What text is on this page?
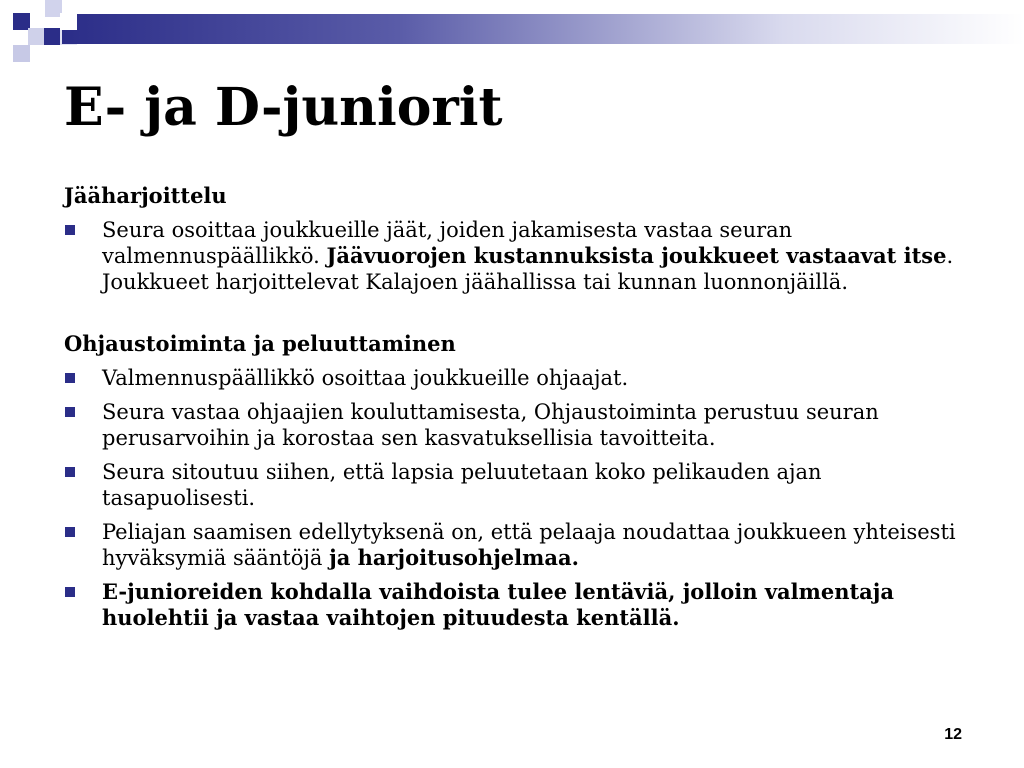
E- ja D-juniorit

Jääharjoittelu

Seura osoittaa joukkueille jäät, joiden jakamisesta vastaa seuran valmennuspäällikkö. Jäävuorojen kustannuksista joukkueet vastaavat itse. Joukkueet harjoittelevat Kalajoen jäähallissa tai kunnan luonnonjäillä.

Ohjaustoiminta ja peluuttaminen

Valmennuspäällikkö osoittaa joukkueille ohjaajat.
Seura vastaa ohjaajien kouluttamisesta, Ohjaustoiminta perustuu seuran perusarvoihin ja korostaa sen kasvatuksellisia tavoitteita.
Seura sitoutuu siihen, että lapsia peluutetaan koko pelikauden ajan tasapuolisesti.
Peliajan saamisen edellytyksenä on, että pelaaja noudattaa joukkueen yhteisesti hyväksymiä sääntöjä ja harjoitusohjelmaa.
E-junioreiden kohdalla vaihdoista tulee lentäviä, jolloin valmentaja huolehtii ja vastaa vaihtojen pituudesta kentällä.
12
